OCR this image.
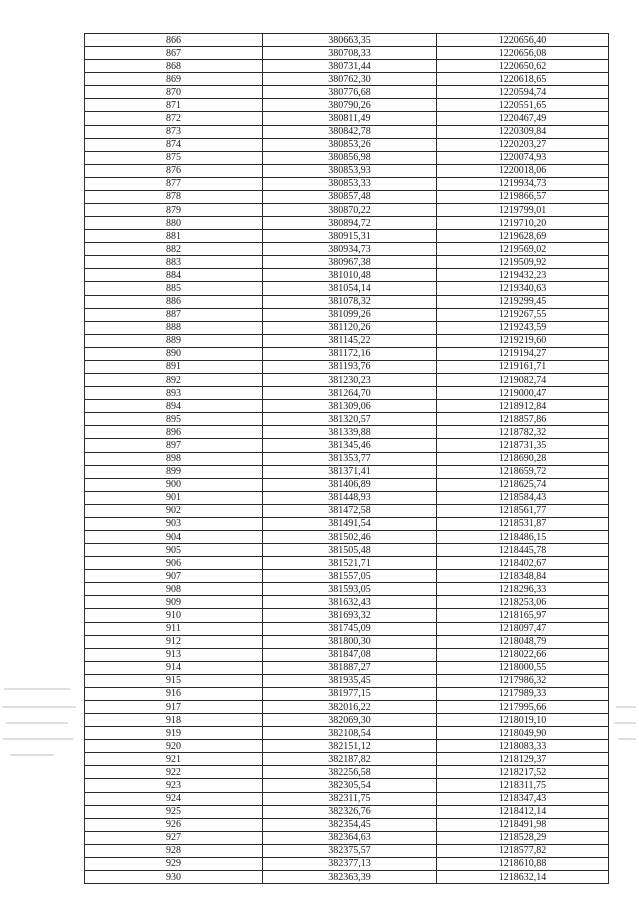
866	380663,35	1220656,40
867	380708,33	1220656,08
868	380731,44	1220650,62
869	380762,30	1220618,65
870	380776,68	1220594,74
871	380790,26	1220551,65
872	380811,49	1220467,49
873	380842,78	1220309,84
874	380853,26	1220203,27
875	380856,98	1220074,93
876	380853,93	1220018,06
877	380853,33	1219934,73
878	380857,48	1219866,57
879	380870,22	1219799,01
880	380894,72	1219710,20
881	380915,31	1219628,69
882	380934,73	1219569,02
883	380967,38	1219509,92
884	381010,48	1219432,23
885	381054,14	1219340,63
886	381078,32	1219299,45
887	381099,26	1219267,55
888	381120,26	1219243,59
889	381145,22	1219219,60
890	381172,16	1219194,27
891	381193,76	1219161,71
892	381230,23	1219082,74
893	381264,70	1219000,47
894	381309,06	1218912,84
895	381320,57	1218857,86
896	381339,88	1218782,32
897	381345,46	1218731,35
898	381353,77	1218690,28
899	381371,41	1218659,72
900	381406,89	1218625,74
901	381448,93	1218584,43
902	381472,58	1218561,77
903	381491,54	1218531,87
904	381502,46	1218486,15
905	381505,48	1218445,78
906	381521,71	1218402,67
907	381557,05	1218348,84
908	381593,05	1218296,33
909	381632,43	1218253,06
910	381693,32	1218165,97
911	381745,09	1218097,47
912	381800,30	1218048,79
913	381847,08	1218022,66
914	381887,27	1218000,55
915	381935,45	1217986,32
916	381977,15	1217989,33
917	382016,22	1217995,66
918	382069,30	1218019,10
919	382108,54	1218049,90
920	382151,12	1218083,33
921	382187,82	1218129,37
922	382256,58	1218217,52
923	382305,54	1218311,75
924	382311,75	1218347,43
925	382326,76	1218412,14
926	382354,45	1218491,98
927	382364,63	1218528,29
928	382375,57	1218577,82
929	382377,13	1218610,88
930	382363,39	1218632,14
